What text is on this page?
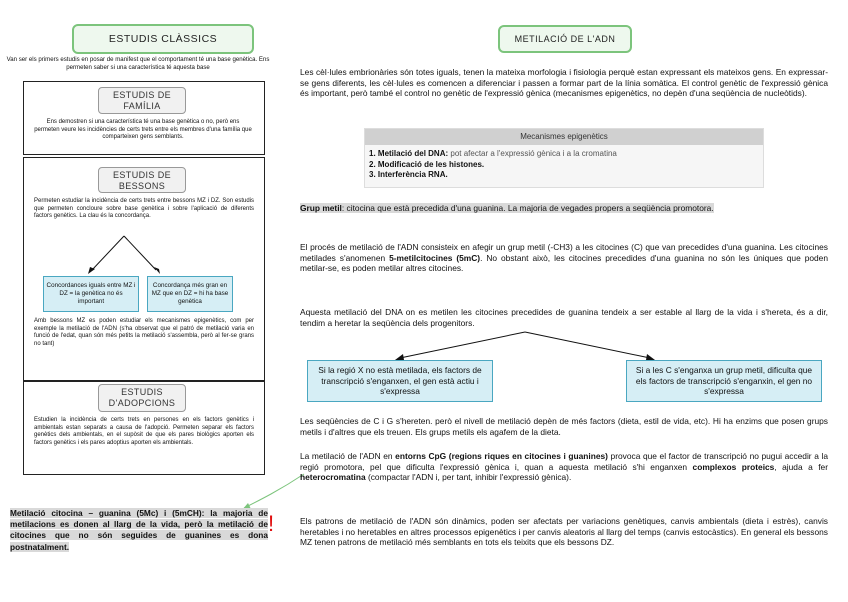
ESTUDIS CLÀSSICS
Van ser els primers estudis en posar de manifest que el comportament té una base genètica. Ens permeten saber si una característica té aquesta base
ESTUDIS DE
FAMÍLIA
Ens demostren si una característica té una base genètica o no, però ens permeten veure les incidències de certs trets entre els membres d'una família que comparteixen gens semblants.
ESTUDIS DE
BESSONS
Permeten estudiar la incidència de certs trets entre bessons MZ i DZ. Son estudis que permeten concloure sobre base genètica i sobre l'aplicació de diferents factors genètics. La clau és la concordança.
Concordances iguals entre MZ i DZ = la genètica no és important
Concordança més gran en MZ que en DZ = hi ha base genètica
Amb bessons MZ es poden estudiar els mecanismes epigenètics, com per exemple la metilació de l'ADN (s'ha observat que el patró de metilació varia en funció de l'edat, quan són més petits la metilació s'assembla, però al fer-se grans no tant)
ESTUDIS
D'ADOPCIONS
Estudien la incidència de certs trets en persones en els factors genètics i ambientals estan separats a causa de l'adopció. Permeten separar els factors genètics dels ambientals, en el supòsit de que els pares biològics aporten els factors genètics i els pares adoptius aporten els ambientals.
Metilació citocina – guanina (5Mc) i (5mCH): la majoria de metilacions es donen al llarg de la vida, però la metilació de citocines que no són seguides de guanines es dona postnatalment.
!
METILACIÓ DE L'ADN
Les cèl·lules embrionàries són totes iguals, tenen la mateixa morfologia i fisiologia perquè estan expressant els mateixos gens. En expressar-se gens diferents, les cèl·lules es comencen a diferenciar i passen a formar part de la línia somàtica. El control genètic de l'expressió gènica és important, però també el control no genètic de l'expressió gènica (mecanismes epigenètics, no depèn d'una seqüència de nucleòtids).
Mecanismes epigenètics
1. Metilació del DNA: pot afectar a l'expressió gènica i a la cromatina
2. Modificació de les histones.
3. Interferència RNA.
Grup metil: citocina que està precedida d'una guanina. La majoria de vegades propers a seqüència promotora.
El procés de metilació de l'ADN consisteix en afegir un grup metil (-CH3) a les citocines (C) que van precedides d'una guanina. Les citocines metilades s'anomenen 5-metilcitocines (5mC). No obstant això, les citocines precedides d'una guanina no són les úniques que poden metilar-se, es poden metilar altres citocines.
Aquesta metilació del DNA on es metilen les citocines precedides de guanina tendeix a ser estable al llarg de la vida i s'hereta, és a dir, tendim a heretar la seqüència dels progenitors.
Si la regió X no està metilada, els factors de transcripció s'enganxen, el gen està actiu i s'expressa
Si a les C s'enganxa un grup metil, dificulta que els factors de transcripció s'enganxin, el gen no s'expressa
Les seqüències de C i G s'hereten. però el nivell de metilació depèn de més factors (dieta, estil de vida, etc). Hi ha enzims que posen grups metils i d'altres que els treuen. Els grups metils els agafem de la dieta.
La metilació de l'ADN en entorns CpG (regions riques en citocines i guanines) provoca que el factor de transcripció no pugui accedir a la regió promotora, pel que dificulta l'expressió gènica i, quan a aquesta metilació s'hi enganxen complexos proteics, ajuda a fer heterocromatina (compactar l'ADN i, per tant, inhibir l'expressió gènica).
Els patrons de metilació de l'ADN són dinàmics, poden ser afectats per variacions genètiques, canvis ambientals (dieta i estrès), canvis heretables i no heretables en altres processos epigenètics i per canvis aleatoris al llarg del temps (canvis estocàstics). En general els bessons MZ tenen patrons de metilació més semblants en tots els teixits que els bessons DZ.
